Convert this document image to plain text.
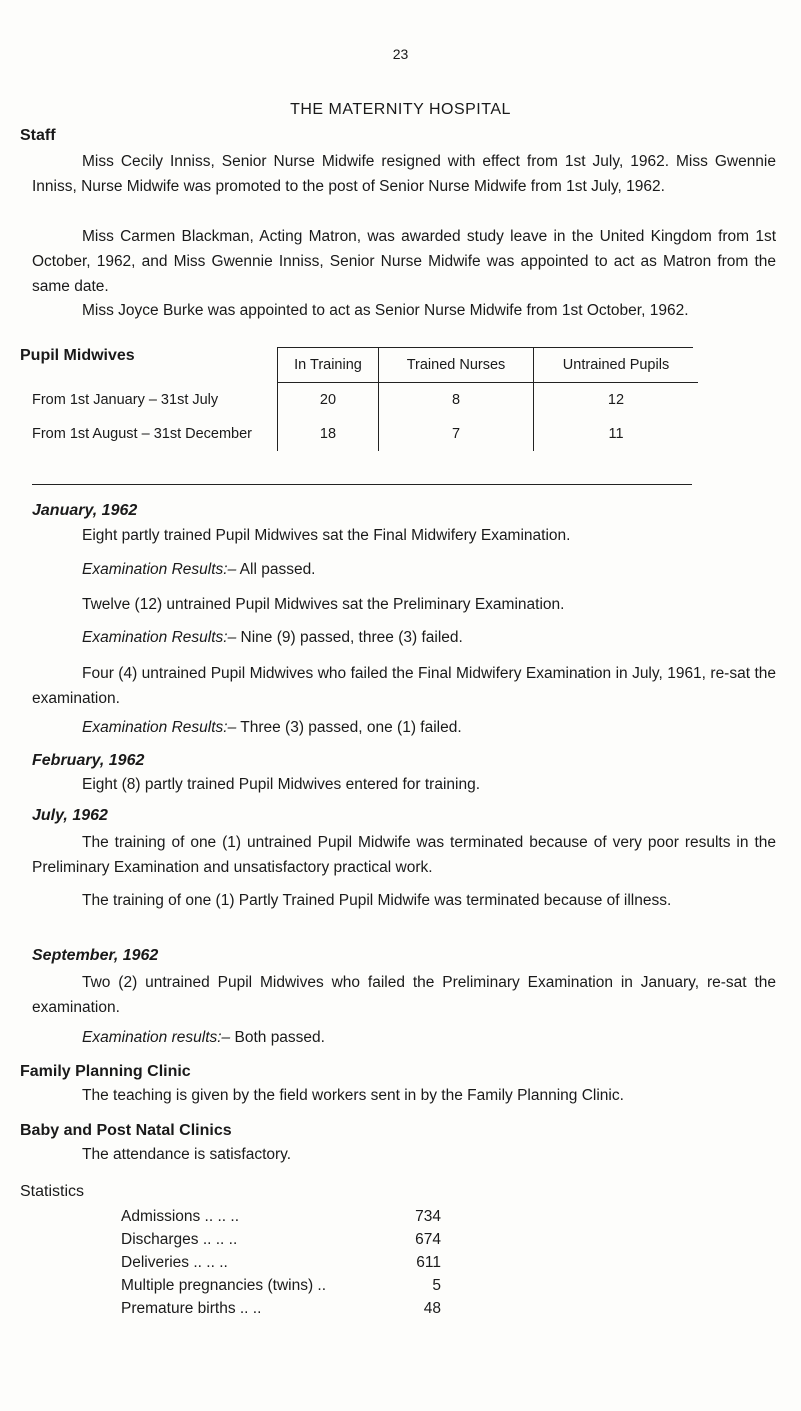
23
THE MATERNITY HOSPITAL
Staff
Miss Cecily Inniss, Senior Nurse Midwife resigned with effect from 1st July, 1962. Miss Gwennie Inniss, Nurse Midwife was promoted to the post of Senior Nurse Midwife from 1st July, 1962.
Miss Carmen Blackman, Acting Matron, was awarded study leave in the United Kingdom from 1st October, 1962, and Miss Gwennie Inniss, Senior Nurse Midwife was appointed to act as Matron from the same date.
Miss Joyce Burke was appointed to act as Senior Nurse Midwife from 1st October, 1962.
Pupil Midwives
	In Training	Trained Nurses	Untrained Pupils
From 1st January – 31st July	20	8	12
From 1st August – 31st December	18	7	11
January, 1962
Eight partly trained Pupil Midwives sat the Final Midwifery Examination.
Examination Results:– All passed.
Twelve (12) untrained Pupil Midwives sat the Preliminary Examination.
Examination Results:– Nine (9) passed, three (3) failed.
Four (4) untrained Pupil Midwives who failed the Final Midwifery Examination in July, 1961, re-sat the examination.
Examination Results:– Three (3) passed, one (1) failed.
February, 1962
Eight (8) partly trained Pupil Midwives entered for training.
July, 1962
The training of one (1) untrained Pupil Midwife was terminated because of very poor results in the Preliminary Examination and unsatisfactory practical work.
The training of one (1) Partly Trained Pupil Midwife was terminated because of illness.
September, 1962
Two (2) untrained Pupil Midwives who failed the Preliminary Examination in January, re-sat the examination.
Examination results:– Both passed.
Family Planning Clinic
The teaching is given by the field workers sent in by the Family Planning Clinic.
Baby and Post Natal Clinics
The attendance is satisfactory.
Statistics
Admissions .. .. ..	734
Discharges .. .. ..	674
Deliveries .. .. ..	611
Multiple pregnancies (twins) ..	5
Premature births .. ..	48
